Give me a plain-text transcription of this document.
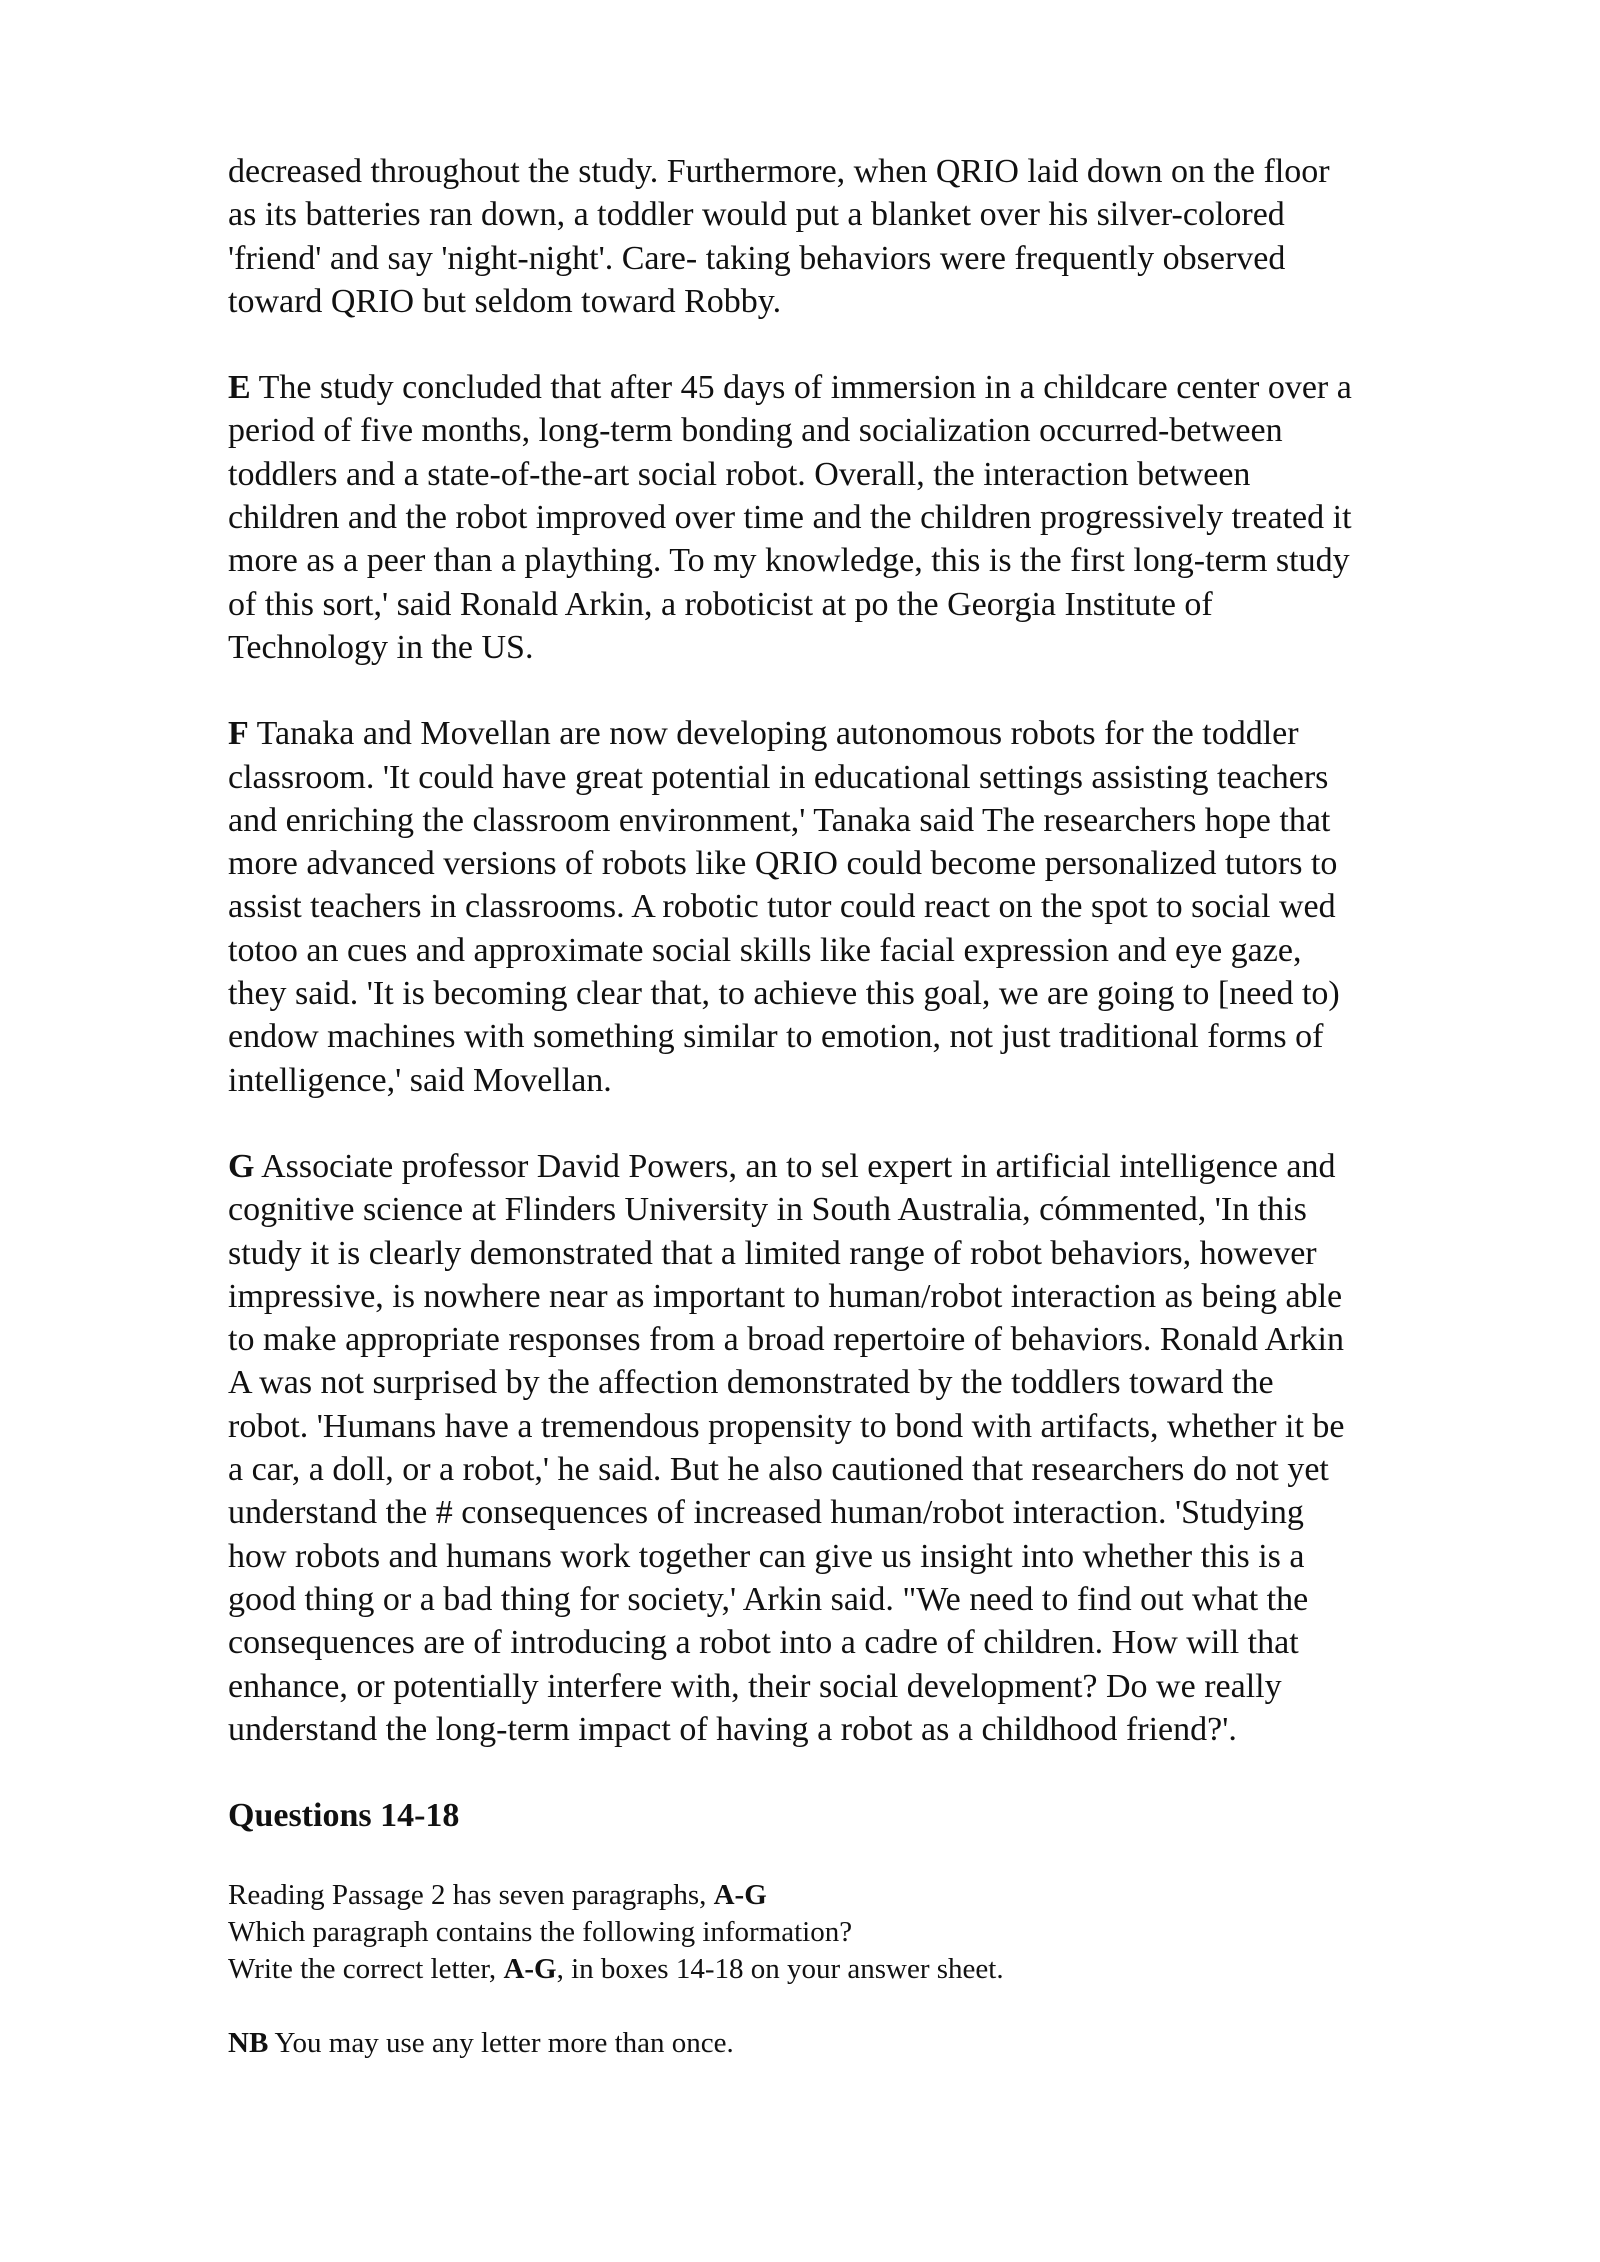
decreased throughout the study. Furthermore, when QRIO laid down on the floor
as its batteries ran down, a toddler would put a blanket over his silver-colored
'friend' and say 'night-night'. Care- taking behaviors were frequently observed
toward QRIO but seldom toward Robby.

E The study concluded that after 45 days of immersion in a childcare center over a
period of five months, long-term bonding and socialization occurred-between
toddlers and a state-of-the-art social robot. Overall, the interaction between
children and the robot improved over time and the children progressively treated it
more as a peer than a plaything. To my knowledge, this is the first long-term study
of this sort,' said Ronald Arkin, a roboticist at po the Georgia Institute of
Technology in the US.

F Tanaka and Movellan are now developing autonomous robots for the toddler
classroom. 'It could have great potential in educational settings assisting teachers
and enriching the classroom environment,' Tanaka said The researchers hope that
more advanced versions of robots like QRIO could become personalized tutors to
assist teachers in classrooms. A robotic tutor could react on the spot to social wed
totoo an cues and approximate social skills like facial expression and eye gaze,
they said. 'It is becoming clear that, to achieve this goal, we are going to [need to)
endow machines with something similar to emotion, not just traditional forms of
intelligence,' said Movellan.

G Associate professor David Powers, an to sel expert in artificial intelligence and
cognitive science at Flinders University in South Australia, cómmented, 'In this
study it is clearly demonstrated that a limited range of robot behaviors, however
impressive, is nowhere near as important to human/robot interaction as being able
to make appropriate responses from a broad repertoire of behaviors. Ronald Arkin
A was not surprised by the affection demonstrated by the toddlers toward the
robot. 'Humans have a tremendous propensity to bond with artifacts, whether it be
a car, a doll, or a robot,' he said. But he also cautioned that researchers do not yet
understand the # consequences of increased human/robot interaction. 'Studying
how robots and humans work together can give us insight into whether this is a
good thing or a bad thing for society,' Arkin said. "We need to find out what the
consequences are of introducing a robot into a cadre of children. How will that
enhance, or potentially interfere with, their social development? Do we really
understand the long-term impact of having a robot as a childhood friend?'.

Questions 14-18

Reading Passage 2 has seven paragraphs, A-G

Which paragraph contains the following information?

Write the correct letter, A-G, in boxes 14-18 on your answer sheet.

NB You may use any letter more than once.
